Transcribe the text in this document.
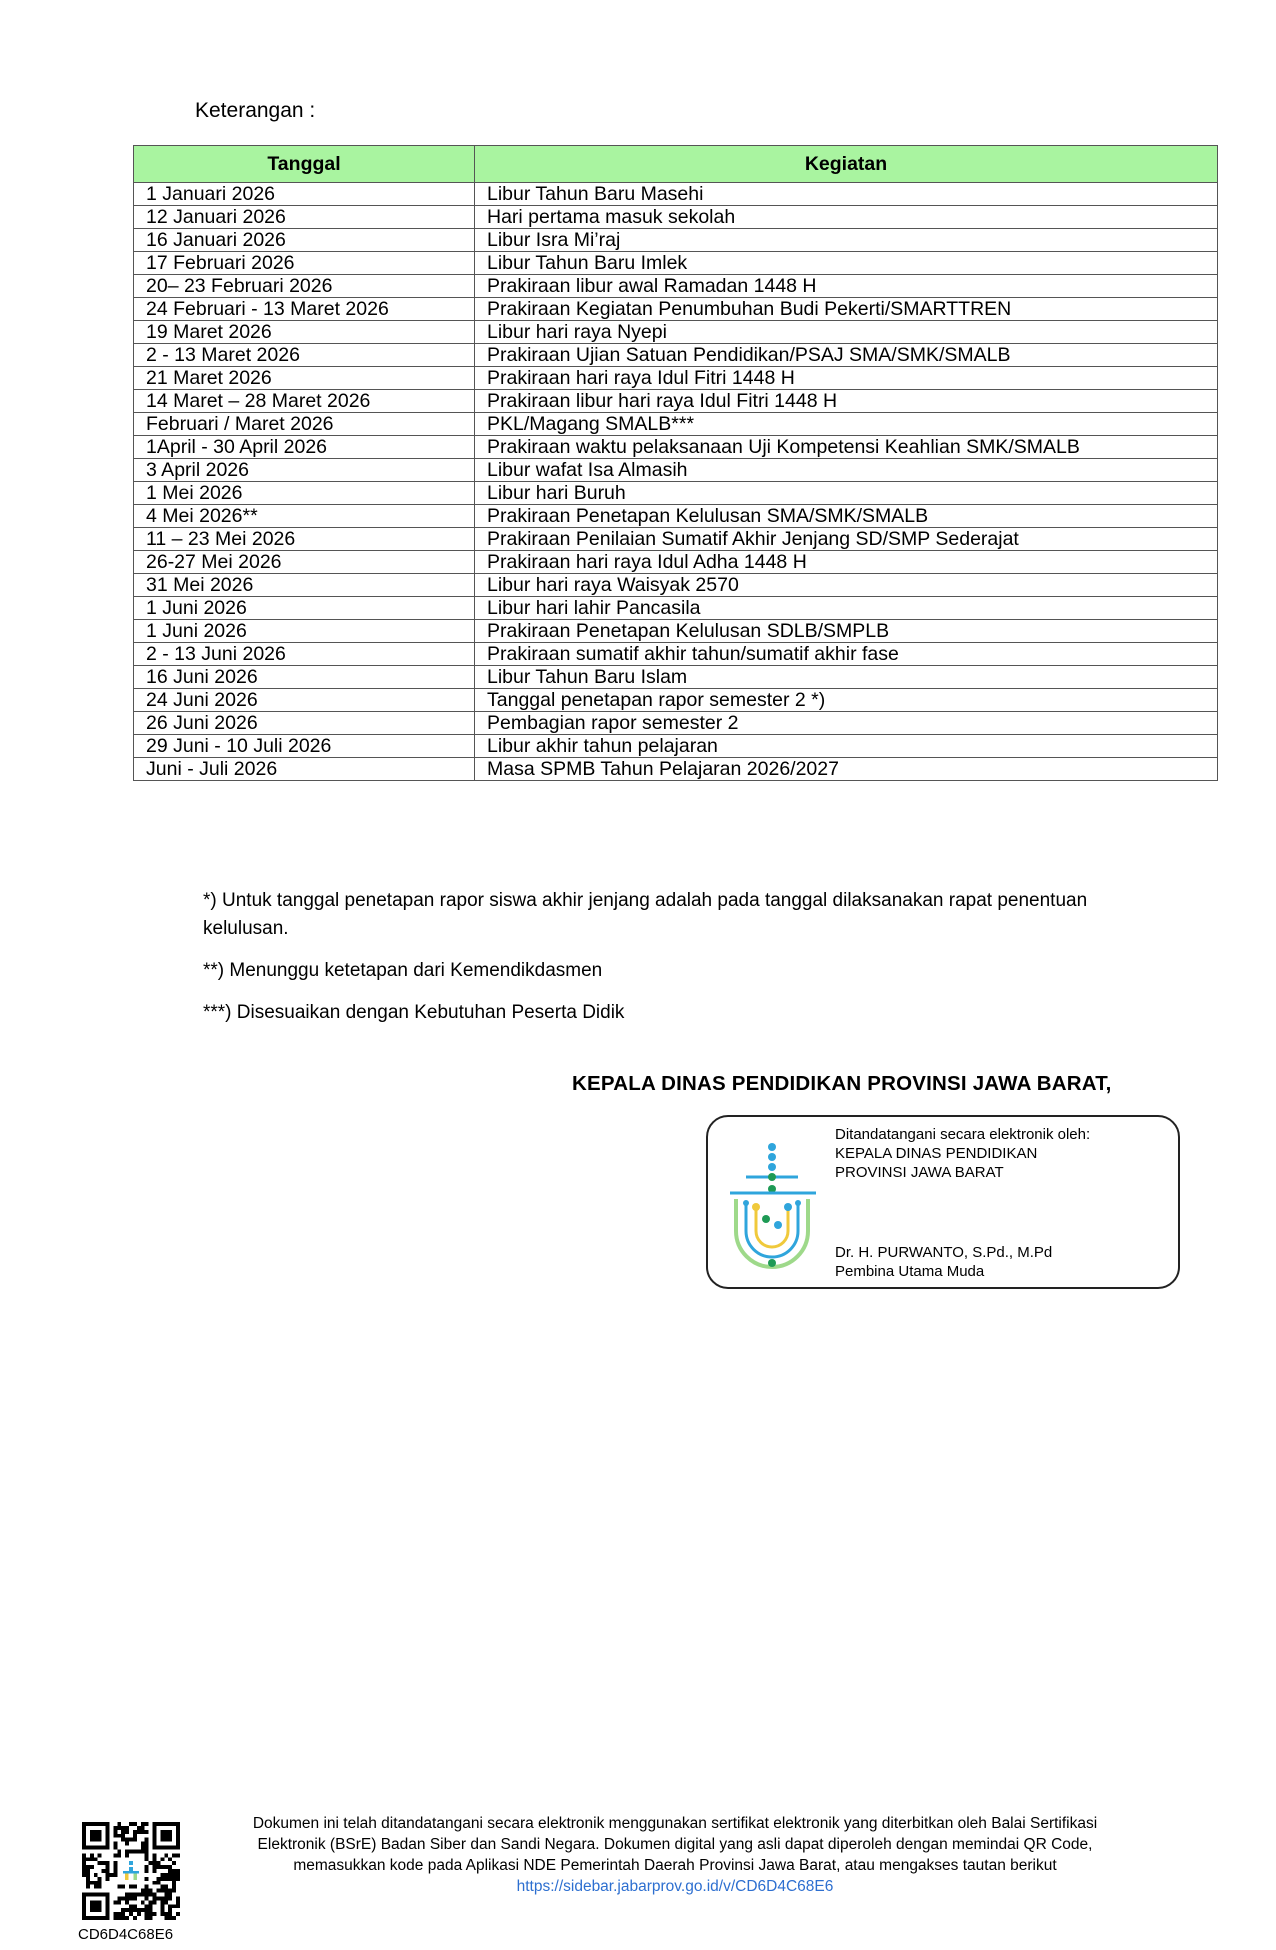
Keterangan :
Tanggal	Kegiatan
1 Januari 2026	Libur Tahun Baru Masehi
12 Januari 2026	Hari pertama masuk sekolah
16 Januari 2026	Libur Isra Mi’raj
17 Februari 2026	Libur Tahun Baru Imlek
20– 23 Februari 2026	Prakiraan libur awal Ramadan 1448 H
24 Februari - 13 Maret 2026	Prakiraan Kegiatan Penumbuhan Budi Pekerti/SMARTTREN
19 Maret 2026	Libur hari raya Nyepi
2 - 13 Maret 2026	Prakiraan Ujian Satuan Pendidikan/PSAJ SMA/SMK/SMALB
21 Maret 2026	Prakiraan hari raya Idul Fitri 1448 H
14 Maret – 28 Maret 2026	Prakiraan libur hari raya Idul Fitri 1448 H
Februari / Maret 2026	PKL/Magang SMALB***
1April - 30 April 2026	Prakiraan waktu pelaksanaan Uji Kompetensi Keahlian SMK/SMALB
3 April 2026	Libur wafat Isa Almasih
1 Mei 2026	Libur hari Buruh
4 Mei 2026**	Prakiraan Penetapan Kelulusan SMA/SMK/SMALB
11 – 23 Mei 2026	Prakiraan Penilaian Sumatif Akhir Jenjang SD/SMP Sederajat
26-27 Mei 2026	Prakiraan hari raya Idul Adha 1448 H
31 Mei 2026	Libur hari raya Waisyak 2570
1 Juni 2026	Libur hari lahir Pancasila
1 Juni 2026	Prakiraan Penetapan Kelulusan SDLB/SMPLB
2 - 13 Juni 2026	Prakiraan sumatif akhir tahun/sumatif akhir fase
16 Juni 2026	Libur Tahun Baru Islam
24 Juni 2026	Tanggal penetapan rapor semester 2 *)
26 Juni 2026	Pembagian rapor semester 2
29 Juni - 10 Juli 2026	Libur akhir tahun pelajaran
Juni - Juli 2026	Masa SPMB Tahun Pelajaran 2026/2027

*) Untuk tanggal penetapan rapor siswa akhir jenjang adalah pada tanggal dilaksanakan rapat penentuan kelulusan.

**) Menunggu ketetapan dari Kemendikdasmen

***) Disesuaikan dengan Kebutuhan Peserta Didik

KEPALA DINAS PENDIDIKAN PROVINSI JAWA BARAT,
Ditandatangani secara elektronik oleh:
KEPALA DINAS PENDIDIKAN
PROVINSI JAWA BARAT
Dr. H. PURWANTO, S.Pd., M.Pd
Pembina Utama Muda
CD6D4C68E6
Dokumen ini telah ditandatangani secara elektronik menggunakan sertifikat elektronik yang diterbitkan oleh Balai Sertifikasi
Elektronik (BSrE) Badan Siber dan Sandi Negara. Dokumen digital yang asli dapat diperoleh dengan memindai QR Code,
memasukkan kode pada Aplikasi NDE Pemerintah Daerah Provinsi Jawa Barat, atau mengakses tautan berikut
https://sidebar.jabarprov.go.id/v/CD6D4C68E6
